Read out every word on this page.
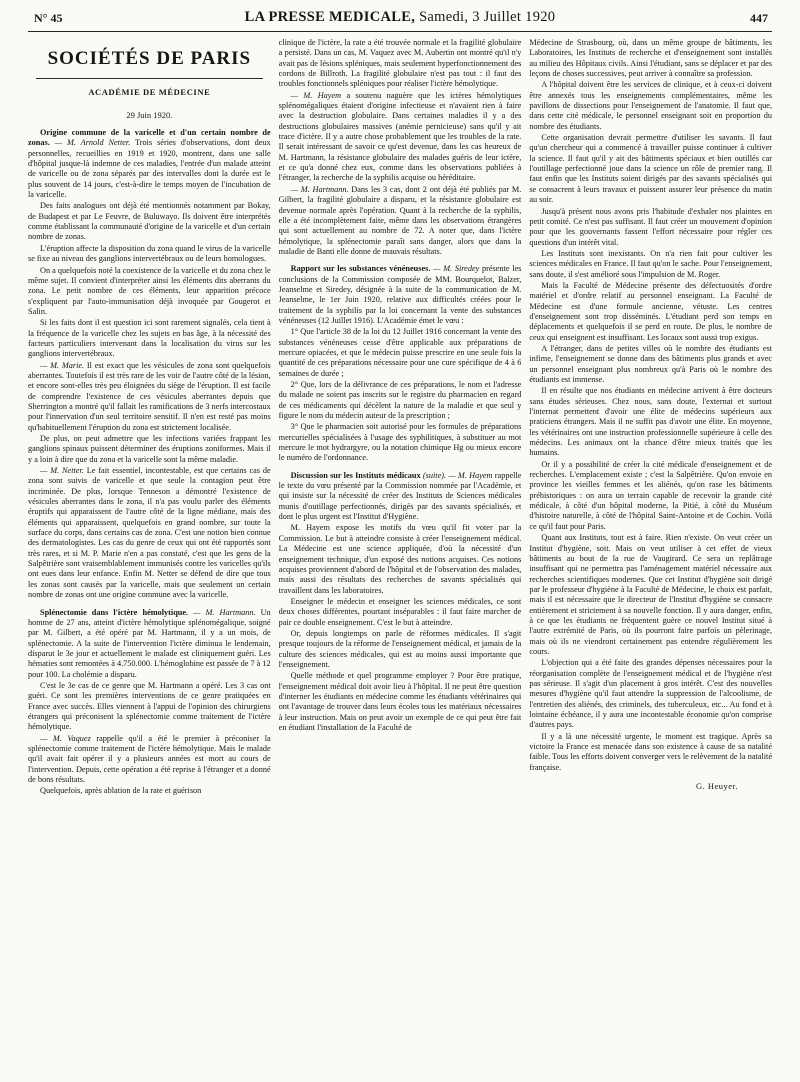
N° 45	LA PRESSE MEDICALE, Samedi, 3 Juillet 1920	447
SOCIÉTÉS DE PARIS
ACADÉMIE DE MÉDECINE
29 Juin 1920.

Origine commune de la varicelle et d'un certain nombre de zonas. — M. Arnold Netter. Trois séries d'observations, dont deux personnelles, recueillies en 1919 et 1920, montrent, dans une salle d'hôpital jusque-là indemne de ces maladies, l'entrée d'un malade atteint de varicelle ou de zona séparés par des intervalles dont la durée est le plus souvent de 14 jours, c'est-à-dire le temps moyen de l'incubation de la varicelle.

Des faits analogues ont déjà été mentionnés notamment par Bokay, de Budapest et par Le Feuvre, de Buluwayo. Ils doivent être interprétés comme établissant la communauté d'origine de la varicelle et d'un certain nombre de zonas.

L'éruption affecte la disposition du zona quand le virus de la varicelle se fixe au niveau des ganglions intervertébraux ou de leurs homologues.

On a quelquefois noté la coexistence de la varicelle et du zona chez le même sujet. Il convient d'interpréter ainsi les éléments dits aberrants du zona. Le petit nombre de ces éléments, leur apparition précoce s'expliquent par l'auto-immunisation déjà invoquée par Gougerot et Salin.

Si les faits dont il est question ici sont rarement signalés, cela tient à la fréquence de la varicelle chez les sujets en bas âge, à la nécessité des facteurs particuliers intervenant dans la localisation du virus sur les ganglions intervertébraux.

— M. Marie. Il est exact que les vésicules de zona sont quelquefois aberrantes. Toutefois il est très rare de les voir de l'autre côté de la lésion, et encore sont-elles très peu éloignées du siège de l'éruption. Il est facile de comprendre l'existence de ces vésicules aberrantes depuis que Sherrington a montré qu'il fallait les ramifications de 3 nerfs intercostaux pour l'innervation d'un seul territoire sensitif. Il n'en est resté pas moins qu'habituellement l'éruption du zona est strictement localisée.

De plus, on peut admettre que les infections variées frappant les ganglions spinaux puissent déterminer des éruptions zoniformes. Mais il y a loin à dire que du zona et la varicelle sont la même maladie.

— M. Netter. Le fait essentiel, incontestable, est que certains cas de zona sont suivis de varicelle et que seule la contagion peut être incriminée. De plus, lorsque Tenneson a démontré l'existence de vésicules aberrantes dans le zona, il n'a pas voulu parler des éléments éruptifs qui apparaissent de l'autre côté de la ligne médiane, mais des éléments qui apparaissent, quelquefois en grand nombre, sur toute la surface du corps, dans certains cas de zona. C'est une notion bien connue des dermatologistes. Les cas du genre de ceux qui ont été rapportés sont très rares, et si M. P. Marie n'en a pas constaté, c'est que les gens de la Salpêtrière sont vraisemblablement immunisés contre les varicelles qu'ils ont eues dans leur enfance. Enfin M. Netter se défend de dire que tous les zonas sont causés par la varicelle, mais que seulement un certain nombre de zonas ont une origine commune avec la varicelle.

Splénectomie dans l'ictère hémolytique. — M. Hartmann. Un homme de 27 ans, atteint d'ictère hémolytique splénomégalique, soigné par M. Gilbert, a été opéré par M. Hartmann, il y a un mois, de splénectomie. A la suite de l'intervention l'ictère diminua le lendemain, disparut le 3e jour et actuellement le malade est cliniquement guéri. Les hématies sont remontées à 4.750.000. L'hémoglobine est passée de 7 à 12 pour 100. La cholémie a disparu.

C'est le 3e cas de ce genre que M. Hartmann a opéré. Les 3 cas ont guéri. Ce sont les premières interventions de ce genre pratiquées en France avec succès. Elles viennent à l'appui de l'opinion des chirurgiens étrangers qui préconisent la splénectomie comme traitement de l'ictère hémolytique.

— M. Vaquez rappelle qu'il a été le premier à préconiser la splénectomie comme traitement de l'ictère hémolytique. Mais le malade qu'il avait fait opérer il y a plusieurs années est mort au cours de l'intervention. Depuis, cette opération a été reprise à l'étranger et a donné de bons résultats.

Quelquefois, après ablation de la rate et guérison

clinique de l'ictère, la rate a été trouvée normale et la fragilité globulaire a persisté. Dans un cas, M. Vaquez avec M. Aubertin ont montré qu'il n'y avait pas de lésions spléniques, mais seulement hyperfonctionnement des cordons de Billroth. La fragilité globulaire n'est pas tout : il faut des troubles fonctionnels spléniques pour réaliser l'ictère hémolytique.

— M. Hayem a soutenu naguère que les ictères hémolytiques splénomégaliques étaient d'origine infectieuse et n'avaient rien à faire avec la destruction globulaire. Dans certaines maladies il y a des destructions globulaires massives (anémie pernicieuse) sans qu'il y ait trace d'ictère. Il y a autre chose probablement que les troubles de la rate. Il serait intéressant de savoir ce qu'est devenue, dans les cas heureux de M. Hartmann, la résistance globulaire des malades guéris de leur ictère, et ce qu'a donné chez eux, comme dans les observations publiées à l'étranger, la recherche de la syphilis acquise ou héréditaire.

— M. Hartmann. Dans les 3 cas, dont 2 ont déjà été publiés par M. Gilbert, la fragilité globulaire a disparu, et la résistance globulaire est devenue normale après l'opération. Quant à la recherche de la syphilis, elle a été incomplètement faite, même dans les observations étrangères qui sont actuellement au nombre de 72. A noter que, dans l'ictère hémolytique, la splénectomie paraît sans danger, alors que dans la maladie de Banti elle donne de mauvais résultats.

Rapport sur les substances vénéneuses. — M. Siredey présente les conclusions de la Commission composée de MM. Bourquelot, Balzer, Jeanselme et Siredey, désignée à la suite de la communication de M. Jeanselme, le 1er Juin 1920, relative aux difficultés créées pour le traitement de la syphilis par la loi concernant la vente des substances vénéneuses (12 Juillet 1916). L'Académie émet le vœu :

1° Que l'article 38 de la loi du 12 Juillet 1916 concernant la vente des substances vénéneuses cesse d'être applicable aux préparations de mercure opiacées, et que le médecin puisse prescrire en une seule fois la quantité de ces préparations nécessaire pour une cure spécifique de 4 à 6 semaines de durée ;

2° Que, lors de la délivrance de ces préparations, le nom et l'adresse du malade ne soient pas inscrits sur le registre du pharmacien en regard de ces médicaments qui décèlent la nature de la maladie et que seul y figure le nom du médecin auteur de la prescription ;

3° Que le pharmacien soit autorisé pour les formules de préparations mercurielles spécialisées à l'usage des syphilitiques, à substituer au mot mercure le mot hydrargyre, ou la notation chimique Hg ou mieux encore le numéro de l'ordonnance.

Discussion sur les Instituts médicaux (suite). — M. Hayem rappelle le texte du vœu présenté par la Commission nommée par l'Académie, et qui insiste sur la nécessité de créer des Instituts de Sciences médicales munis d'outillage perfectionnés, dirigés par des savants spécialisés, et dont le plus urgent est l'Institut d'Hygiène.

M. Hayem expose les motifs du vœu qu'il fit voter par la Commission. Le but à atteindre consiste à créer l'enseignement médical. La Médecine est une science appliquée, d'où la nécessité d'un enseignement technique, d'un exposé des notions acquises. Ces notions acquises proviennent d'abord de l'hôpital et de l'observation des malades, mais aussi des résultats des recherches de savants spécialisés qui travaillent dans les laboratoires.

Enseigner le médecin et enseigner les sciences médicales, ce sont deux choses différentes, pourtant inséparables : il faut faire marcher de pair ce double enseignement. C'est le but à atteindre.

Or, depuis longtemps on parle de réformes médicales. Il s'agit presque toujours de la réforme de l'enseignement médical, et jamais de la culture des sciences médicales, qui est au moins aussi importante que l'enseignement.

Quelle méthode et quel programme employer ? Pour être pratique, l'enseignement médical doit avoir lieu à l'hôpital. Il ne peut être question d'interner les étudiants en médecine comme les étudiants vétérinaires qui ont l'avantage de trouver dans leurs écoles tous les matériaux nécessaires à leur instruction. Mais on peut avoir un exemple de ce qui peut être fait en étudiant l'installation de la Faculté de

Médecine de Strasbourg, où, dans un même groupe de bâtiments, les Laboratoires, les Instituts de recherche et d'enseignement sont installés au milieu des Hôpitaux civils. Ainsi l'étudiant, sans se déplacer et par des leçons de choses successives, peut arriver à connaître sa profession.

A l'hôpital doivent être les services de clinique, et à ceux-ci doivent être annexés tous les enseignements complémentaires, même les pavillons de dissections pour l'enseignement de l'anatomie. Il faut que, dans cette cité médicale, le personnel enseignant soit en proportion du nombre des étudiants.

Cette organisation devrait permettre d'utiliser les savants. Il faut qu'un chercheur qui a commencé à travailler puisse continuer à cultiver la science. Il faut qu'il y ait des bâtiments spéciaux et bien outillés car l'outillage perfectionné joue dans la science un rôle de premier rang. Il faut enfin que les Instituts soient dirigés par des savants spécialisés qui se consacrent à leurs travaux et puissent assurer leur présence du matin au soir.

Jusqu'à présent nous avons pris l'habitude d'exhaler nos plaintes en petit comité. Ce n'est pas suffisant. Il faut créer un mouvement d'opinion pour que les gouvernants fassent l'effort nécessaire pour régler ces questions d'un intérêt vital.

Les Instituts sont inexistants. On n'a rien fait pour cultiver les sciences médicales en France. Il faut qu'on le sache. Pour l'enseignement, sans doute, il s'est amélioré sous l'impulsion de M. Roger.

Mais la Faculté de Médecine présente des défectuosités d'ordre matériel et d'ordre relatif au personnel enseignant. La Faculté de Médecine est d'une formule ancienne, vétuste. Les centres d'enseignement sont trop disséminés. L'étudiant perd son temps en déplacements et quelquefois il se perd en route. De plus, le nombre de ceux qui enseignent est insuffisant. Les locaux sont aussi trop exigus.

A l'étranger, dans de petites villes où le nombre des étudiants est infime, l'enseignement se donne dans des bâtiments plus grands et avec un personnel enseignant plus nombreux qu'à Paris où le nombre des étudiants est immense.

Il en résulte que nos étudiants en médecine arrivent à être docteurs sans études sérieuses. Chez nous, sans doute, l'externat et surtout l'internat permettent d'avoir une élite de médecins supérieurs aux praticiens étrangers. Mais il ne suffit pas d'avoir une élite. En moyenne, les vétérinaires ont une instruction professionnelle supérieure à celle des médecins. Les animaux ont la chance d'être mieux traités que les humains.

Or il y a possibilité de créer la cité médicale d'enseignement et de recherches. L'emplacement existe ; c'est la Salpêtrière. Qu'on envoie en province les vieilles femmes et les aliénés, qu'on rase les bâtiments préhistoriques : on aura un terrain capable de recevoir la grande cité médicale, à côté d'un hôpital moderne, la Pitié, à côté du Muséum d'histoire naturelle, à côté de l'hôpital Saint-Antoine et de Cochin. Voilà ce qu'il faut pour Paris.

Quant aux Instituts, tout est à faire. Rien n'existe. On veut créer un Institut d'hygiène, soit. Mais on veut utiliser à cet effet de vieux bâtiments au bout de la rue de Vaugirard. Ce sera un replâtrage insuffisant qui ne permettra pas l'aménagement matériel nécessaire aux recherches scientifiques modernes. Que cet Institut d'hygiène soit dirigé par le professeur d'hygiène à la Faculté de Médecine, le choix est parfait, mais il est nécessaire que le directeur de l'Institut d'hygiène se consacre entièrement et strictement à sa nouvelle fonction. Il y aura danger, enfin, à ce que les étudiants ne fréquentent guère ce nouvel Institut situé à l'autre extrémité de Paris, où ils pourront faire parfois un pèlerinage, mais où ils ne viendront certainement pas entendre régulièrement les cours.

L'objection qui a été faite des grandes dépenses nécessaires pour la réorganisation complète de l'enseignement médical et de l'hygiène n'est pas sérieuse. Il s'agit d'un placement à gros intérêt. C'est des nouvelles mesures d'hygiène qu'il faut attendre la suppression de l'alcoolisme, de l'entretien des aliénés, des criminels, des tuberculeux, etc... Au fond et à lointaine échéance, il y aura une incontestable économie qu'on comprise d'autres pays.

Il y a là une nécessité urgente, le moment est tragique. Après sa victoire la France est menacée dans son existence à cause de sa natalité faible. Tous les efforts doivent converger vers le relèvement de la natalité française.

G. Heuyer.
